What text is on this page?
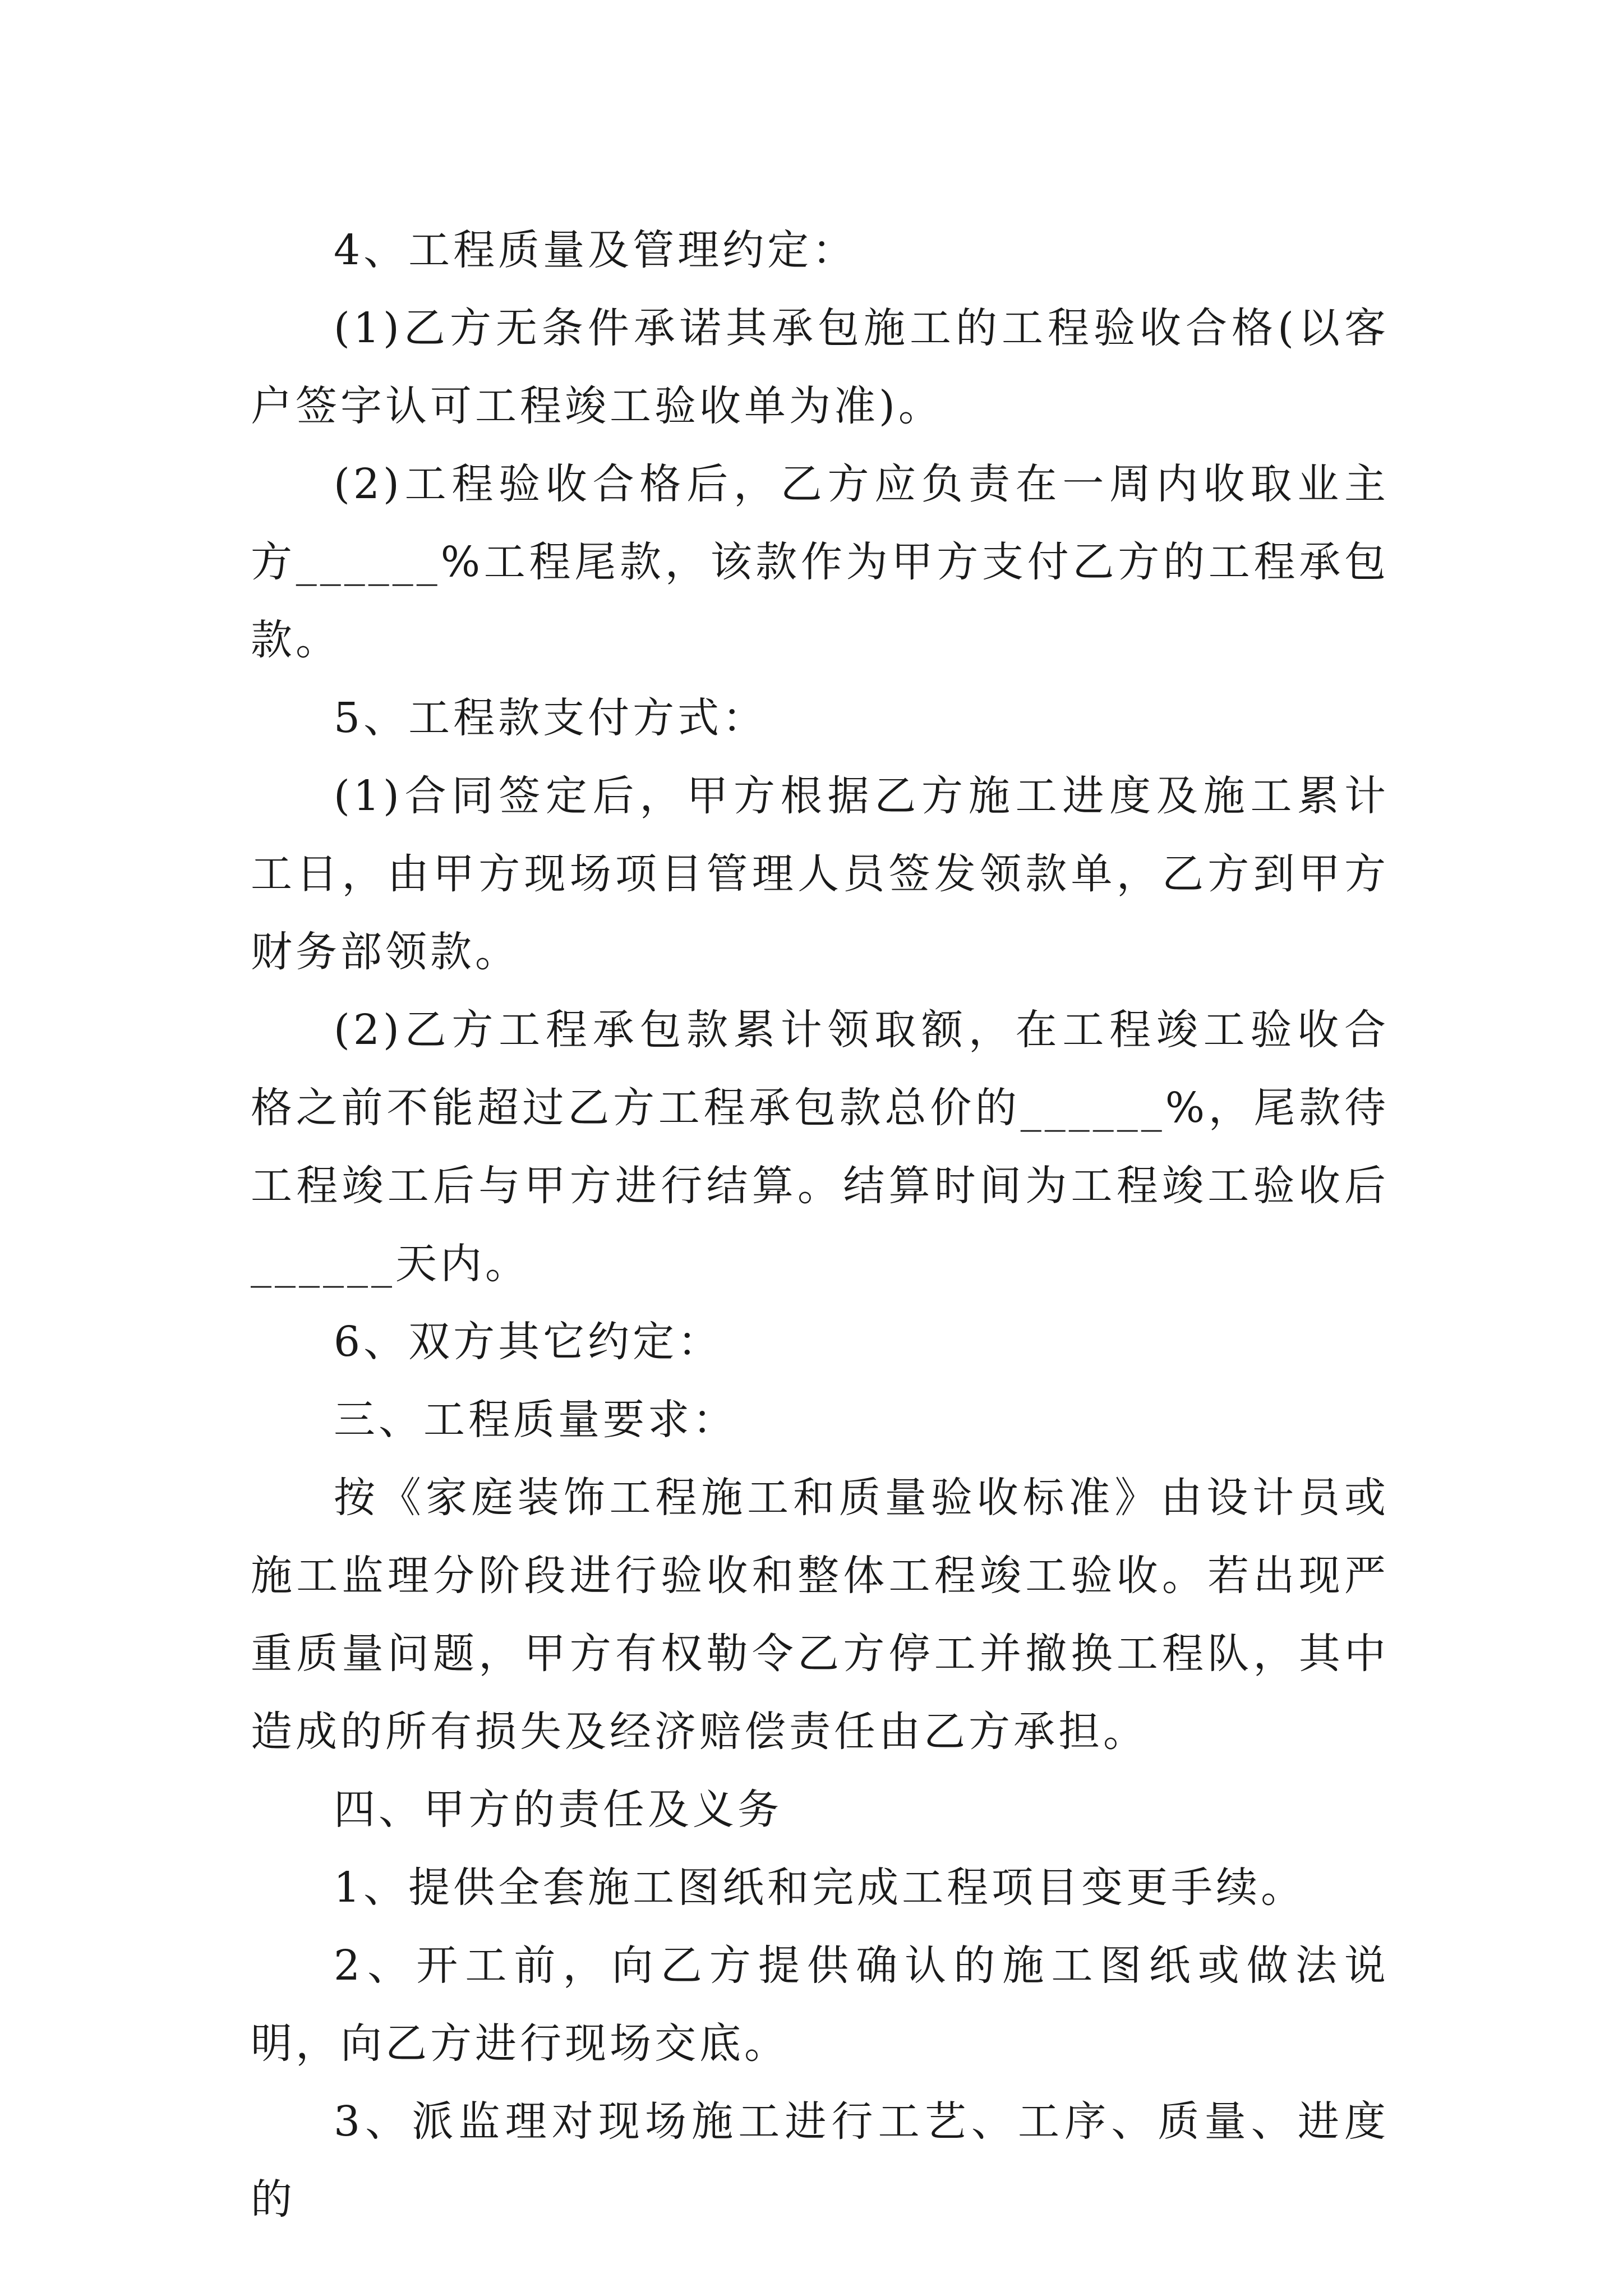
4、工程质量及管理约定：

(1)乙方无条件承诺其承包施工的工程验收合格(以客户签字认可工程竣工验收单为准)。

(2)工程验收合格后，乙方应负责在一周内收取业主方______%工程尾款，该款作为甲方支付乙方的工程承包款。

5、工程款支付方式：

(1)合同签定后，甲方根据乙方施工进度及施工累计工日，由甲方现场项目管理人员签发领款单，乙方到甲方财务部领款。

(2)乙方工程承包款累计领取额，在工程竣工验收合格之前不能超过乙方工程承包款总价的______%，尾款待工程竣工后与甲方进行结算。结算时间为工程竣工验收后______天内。

6、双方其它约定：

三、工程质量要求：

按《家庭装饰工程施工和质量验收标准》由设计员或施工监理分阶段进行验收和整体工程竣工验收。若出现严重质量问题，甲方有权勒令乙方停工并撤换工程队，其中造成的所有损失及经济赔偿责任由乙方承担。

四、甲方的责任及义务

1、提供全套施工图纸和完成工程项目变更手续。

2、开工前，向乙方提供确认的施工图纸或做法说明，向乙方进行现场交底。

3、派监理对现场施工进行工艺、工序、质量、进度的
